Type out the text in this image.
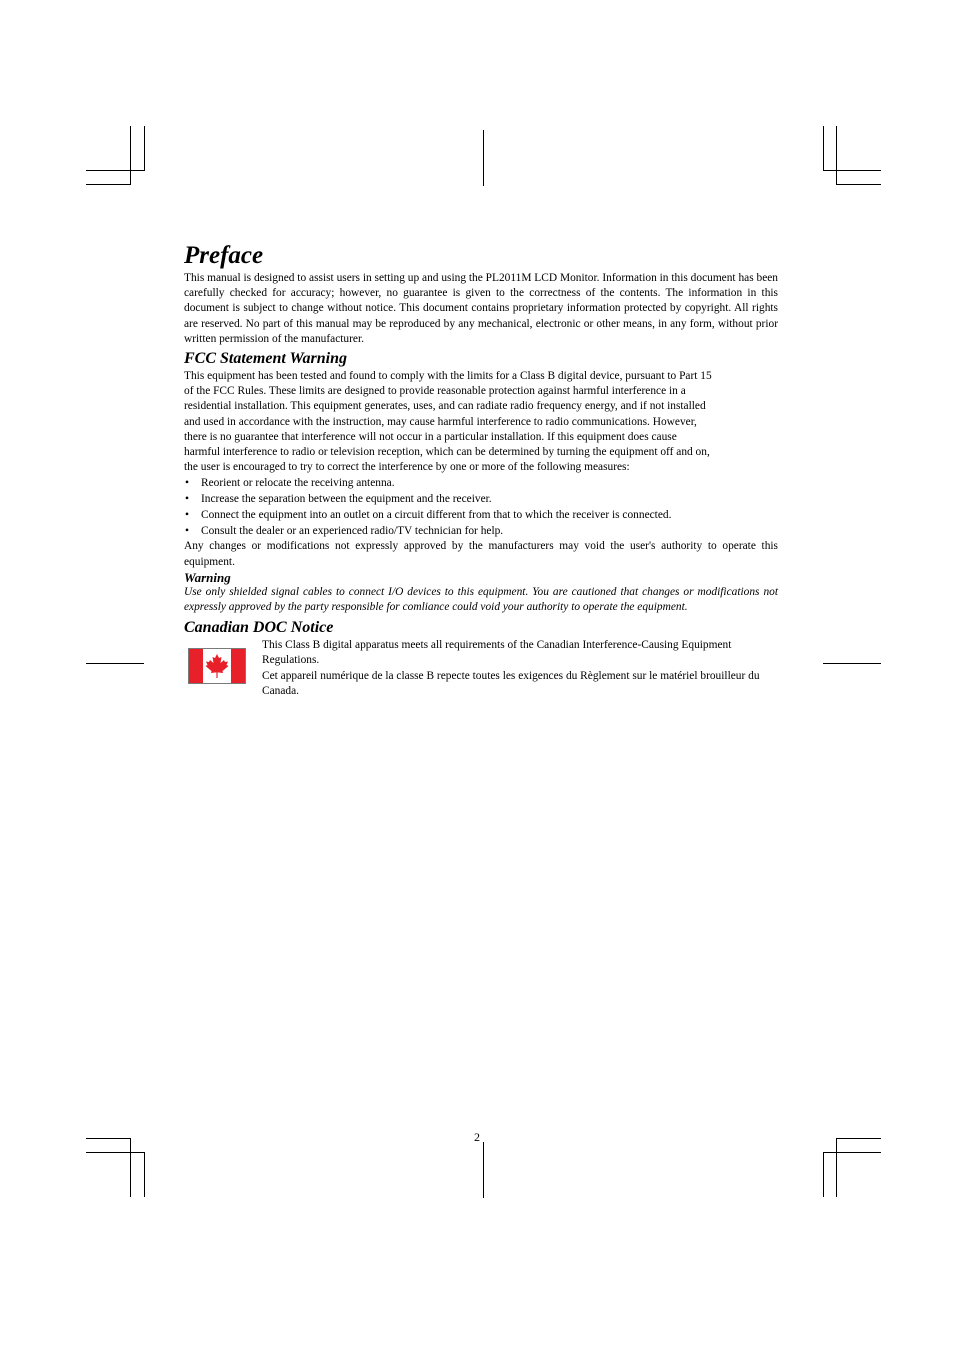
Preface

This manual is designed to assist users in setting up and using the PL2011M LCD Monitor. Information in this document has been carefully checked for accuracy; however, no guarantee is given to the correctness of the contents. The information in this document is subject to change without notice. This document contains proprietary information protected by copyright. All rights are reserved. No part of this manual may be reproduced by any mechanical, electronic or other means, in any form, without prior written permission of the manufacturer.

FCC Statement Warning

This equipment has been tested and found to comply with the limits for a Class B digital device, pursuant to Part 15

of the FCC Rules. These limits are designed to provide reasonable protection against harmful interference in a

residential installation. This equipment generates, uses, and can radiate radio frequency energy, and if not installed

and used in accordance with the instruction, may cause harmful interference to radio communications. However,

there is no guarantee that interference will not occur in a particular installation. If this equipment does cause

harmful interference to radio or television reception, which can be determined by turning the equipment off and on,

the user is encouraged to try to correct the interference by one or more of the following measures:

• Reorient or relocate the receiving antenna.
• Increase the separation between the equipment and the receiver.
• Connect the equipment into an outlet on a circuit different from that to which the receiver is connected.
• Consult the dealer or an experienced radio/TV technician for help.

Any changes or modifications not expressly approved by the manufacturers may void the user's authority to operate this equipment.

Warning

Use only shielded signal cables to connect I/O devices to this equipment. You are cautioned that changes or modifications not expressly approved by the party responsible for comliance could void your authority to operate the equipment.

Canadian DOC Notice

This Class B digital apparatus meets all requirements of the Canadian Interference-Causing Equipment Regulations.

Cet appareil numérique de la classe B repecte toutes les exigences du Règlement sur le matériel brouilleur du Canada.

2
